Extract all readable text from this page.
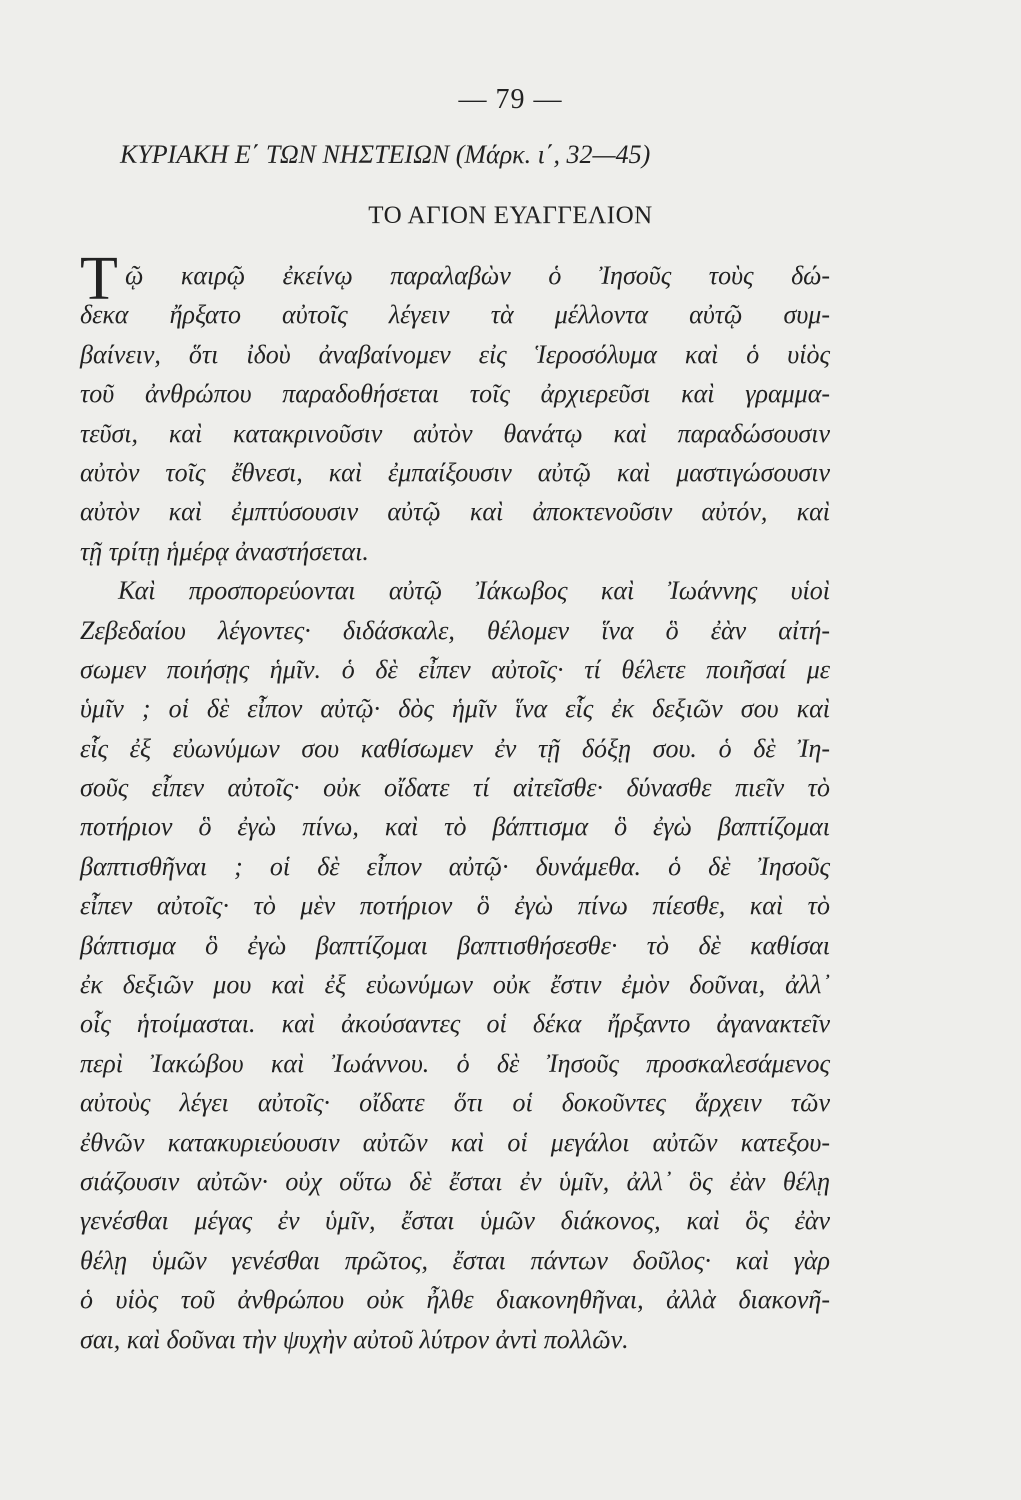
— 79 —
ΚΥΡΙΑΚΗ Ε΄ ΤΩΝ ΝΗΣΤΕΙΩΝ (Μάρκ. ι΄, 32—45)
ΤΟ ΑΓΙΟΝ ΕΥΑΓΓΕΛΙΟΝ
Τ ῷ καιρῷ ἐκείνῳ παραλαβὼν ὁ Ἰησοῦς τοὺς δώ-
δεκα ἤρξατο αὐτοῖς λέγειν τὰ μέλλοντα αὐτῷ συμ-
βαίνειν, ὅτι ἰδοὺ ἀναβαίνομεν εἰς Ἱεροσόλυμα καὶ ὁ υἱὸς
τοῦ ἀνθρώπου παραδοθήσεται τοῖς ἀρχιερεῦσι καὶ γραμμα-
τεῦσι, καὶ κατακρινοῦσιν αὐτὸν θανάτῳ καὶ παραδώσουσιν
αὐτὸν τοῖς ἔθνεσι, καὶ ἐμπαίξουσιν αὐτῷ καὶ μαστιγώσουσιν
αὐτὸν καὶ ἐμπτύσουσιν αὐτῷ καὶ ἀποκτενοῦσιν αὐτόν, καὶ
τῇ τρίτῃ ἡμέρᾳ ἀναστήσεται.
Καὶ προσπορεύονται αὐτῷ Ἰάκωβος καὶ Ἰωάννης υἱοὶ
Ζεβεδαίου λέγοντες· διδάσκαλε, θέλομεν ἵνα ὃ ἐὰν αἰτή-
σωμεν ποιήσῃς ἡμῖν. ὁ δὲ εἶπεν αὐτοῖς· τί θέλετε ποιῆσαί με
ὑμῖν ; οἱ δὲ εἶπον αὐτῷ· δὸς ἡμῖν ἵνα εἷς ἐκ δεξιῶν σου καὶ
εἷς ἐξ εὐωνύμων σου καθίσωμεν ἐν τῇ δόξῃ σου. ὁ δὲ Ἰη-
σοῦς εἶπεν αὐτοῖς· οὐκ οἴδατε τί αἰτεῖσθε· δύνασθε πιεῖν τὸ
ποτήριον ὃ ἐγὼ πίνω, καὶ τὸ βάπτισμα ὃ ἐγὼ βαπτίζομαι
βαπτισθῆναι ; οἱ δὲ εἶπον αὐτῷ· δυνάμεθα. ὁ δὲ Ἰησοῦς
εἶπεν αὐτοῖς· τὸ μὲν ποτήριον ὃ ἐγὼ πίνω πίεσθε, καὶ τὸ
βάπτισμα ὃ ἐγὼ βαπτίζομαι βαπτισθήσεσθε· τὸ δὲ καθίσαι
ἐκ δεξιῶν μου καὶ ἐξ εὐωνύμων οὐκ ἔστιν ἐμὸν δοῦναι, ἀλλ᾽
οἷς ἡτοίμασται. καὶ ἀκούσαντες οἱ δέκα ἤρξαντο ἀγανακτεῖν
περὶ Ἰακώβου καὶ Ἰωάννου. ὁ δὲ Ἰησοῦς προσκαλεσάμενος
αὐτοὺς λέγει αὐτοῖς· οἴδατε ὅτι οἱ δοκοῦντες ἄρχειν τῶν
ἐθνῶν κατακυριεύουσιν αὐτῶν καὶ οἱ μεγάλοι αὐτῶν κατεξου-
σιάζουσιν αὐτῶν· οὐχ οὕτω δὲ ἔσται ἐν ὑμῖν, ἀλλ᾽ ὃς ἐὰν θέλῃ
γενέσθαι μέγας ἐν ὑμῖν, ἔσται ὑμῶν διάκονος, καὶ ὃς ἐὰν
θέλῃ ὑμῶν γενέσθαι πρῶτος, ἔσται πάντων δοῦλος· καὶ γὰρ
ὁ υἱὸς τοῦ ἀνθρώπου οὐκ ἦλθε διακονηθῆναι, ἀλλὰ διακονῆ-
σαι, καὶ δοῦναι τὴν ψυχὴν αὐτοῦ λύτρον ἀντὶ πολλῶν.
